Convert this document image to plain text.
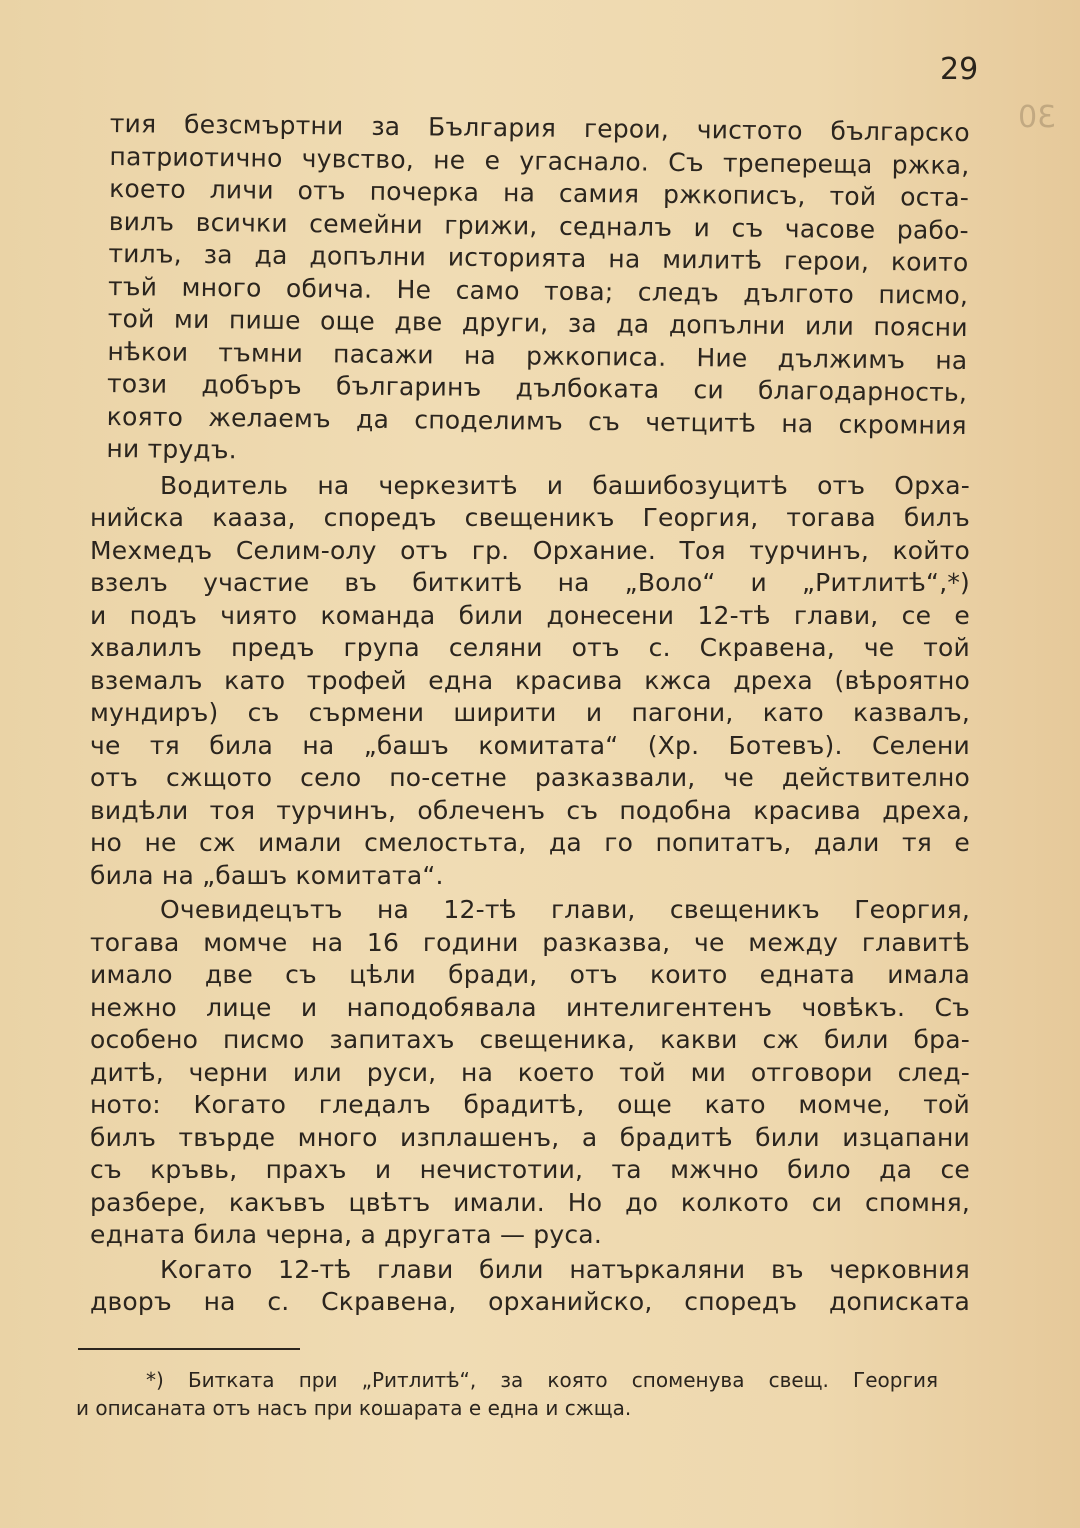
30
29
тия безсмъртни за България герои, чистото българско
патриотично чувство, не е угаснало. Съ трепереща ржка,
което личи отъ почерка на самия ржкописъ, той оста-
вилъ всички семейни грижи, седналъ и съ часове рабо-
тилъ, за да допълни историята на милитѣ герои, които
тъй много обича. Не само това; следъ дългото писмо,
той ми пише още две други, за да допълни или поясни
нѣкои тъмни пасажи на ржкописа. Ние дължимъ на
този добъръ българинъ дълбоката си благодарность,
която желаемъ да споделимъ съ четцитѣ на скромния
ни трудъ.
Водитель на черкезитѣ и башибозуцитѣ отъ Орха-
нийска кааза, споредъ свещеникъ Георгия, тогава билъ
Мехмедъ Селим-олу отъ гр. Орхание. Тоя турчинъ, който
взелъ участие въ биткитѣ на „Воло“ и „Ритлитѣ“,*)
и подъ чиято команда били донесени 12-тѣ глави, се е
хвалилъ предъ група селяни отъ с. Скравена, че той
вземалъ като трофей една красива кжса дреха (вѣроятно
мундиръ) съ сърмени ширити и пагони, като казвалъ,
че тя била на „башъ комитата“ (Хр. Ботевъ). Селени
отъ сжщото село по-сетне разказвали, че действително
видѣли тоя турчинъ, облеченъ съ подобна красива дреха,
но не сж имали смелостьта, да го попитатъ, дали тя е
била на „башъ комитата“.
Очевидецътъ на 12-тѣ глави, свещеникъ Георгия,
тогава момче на 16 години разказва, че между главитѣ
имало две съ цѣли бради, отъ които едната имала
нежно лице и наподобявала интелигентенъ човѣкъ. Съ
особено писмо запитахъ свещеника, какви сж били бра-
дитѣ, черни или руси, на което той ми отговори след-
ното: Когато гледалъ брадитѣ, още като момче, той
билъ твърде много изплашенъ, а брадитѣ били изцапани
съ кръвь, прахъ и нечистотии, та мжчно било да се
разбере, какъвъ цвѣтъ имали. Но до колкото си спомня,
едната била черна, а другата — руса.
Когато 12-тѣ глави били натъркаляни въ черковния
дворъ на с. Скравена, орханийско, споредъ дописката
*) Битката при „Ритлитѣ“, за която споменува свещ. Георгия
и описаната отъ насъ при кошарата е една и сжща.
